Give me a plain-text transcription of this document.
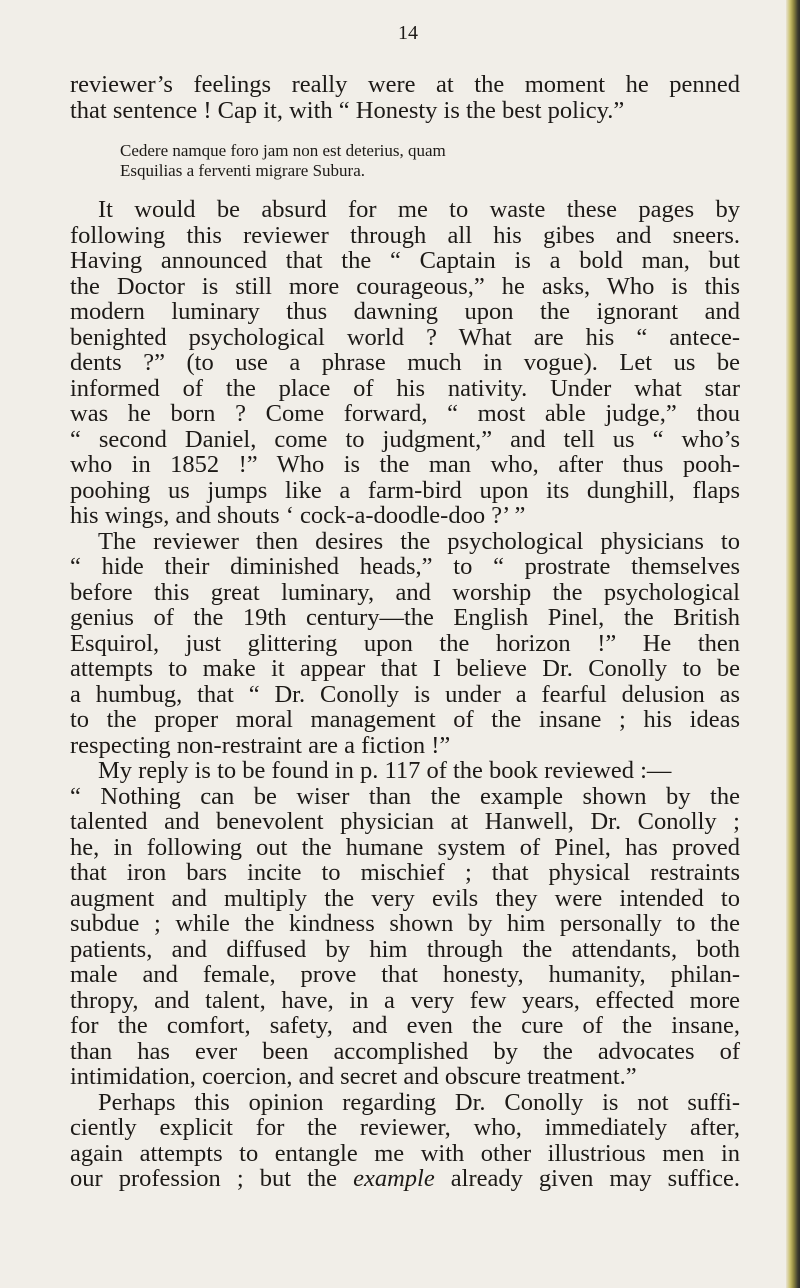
14

reviewer’s feelings really were at the moment he penned

that sentence ! Cap it, with “ Honesty is the best policy.”

Cedere namque foro jam non est deterius, quam

Esquilias a ferventi migrare Subura.

It would be absurd for me to waste these pages by

following this reviewer through all his gibes and sneers.

Having announced that the “ Captain is a bold man, but

the Doctor is still more courageous,” he asks, Who is this

modern luminary thus dawning upon the ignorant and

benighted psychological world ? What are his “ antece-

dents ?” (to use a phrase much in vogue). Let us be

informed of the place of his nativity. Under what star

was he born ? Come forward, “ most able judge,” thou

“ second Daniel, come to judgment,” and tell us “ who’s

who in 1852 !” Who is the man who, after thus pooh-

poohing us jumps like a farm-bird upon its dunghill, flaps

his wings, and shouts ‘ cock-a-doodle-doo ?’ ”

The reviewer then desires the psychological physicians to

“ hide their diminished heads,” to “ prostrate themselves

before this great luminary, and worship the psychological

genius of the 19th century—the English Pinel, the British

Esquirol, just glittering upon the horizon !” He then

attempts to make it appear that I believe Dr. Conolly to be

a humbug, that “ Dr. Conolly is under a fearful delusion as

to the proper moral management of the insane ; his ideas

respecting non-restraint are a fiction !”

My reply is to be found in p. 117 of the book reviewed :—

“ Nothing can be wiser than the example shown by the

talented and benevolent physician at Hanwell, Dr. Conolly ;

he, in following out the humane system of Pinel, has proved

that iron bars incite to mischief ; that physical restraints

augment and multiply the very evils they were intended to

subdue ; while the kindness shown by him personally to the

patients, and diffused by him through the attendants, both

male and female, prove that honesty, humanity, philan-

thropy, and talent, have, in a very few years, effected more

for the comfort, safety, and even the cure of the insane,

than has ever been accomplished by the advocates of

intimidation, coercion, and secret and obscure treatment.”

Perhaps this opinion regarding Dr. Conolly is not suffi-

ciently explicit for the reviewer, who, immediately after,

again attempts to entangle me with other illustrious men in

our profession ; but the example already given may suffice.
